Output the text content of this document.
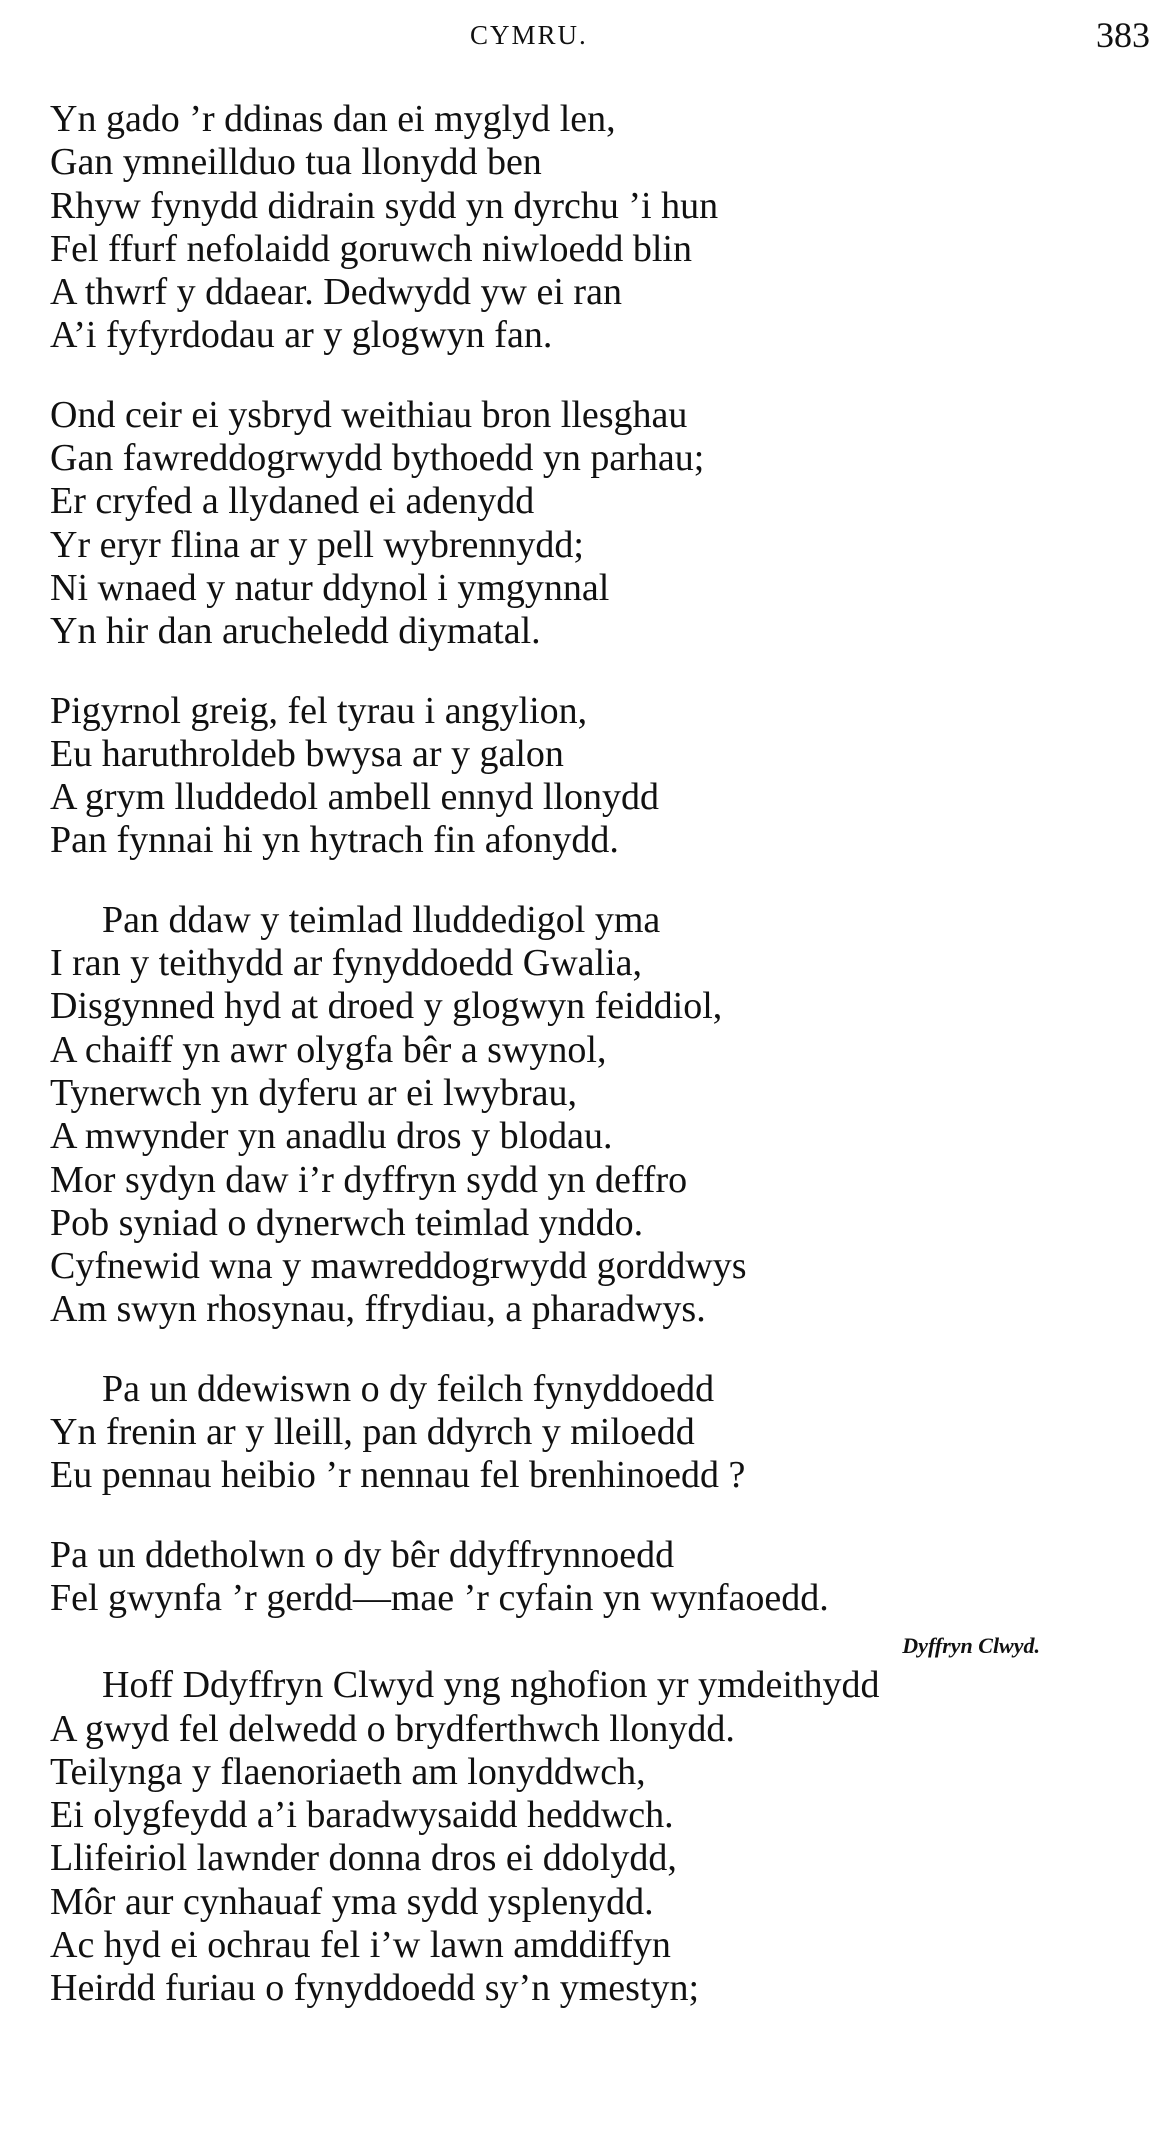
CYMRU.	383
Yn gado ’r ddinas dan ei myglyd len,
Gan ymneillduo tua llonydd ben
Rhyw fynydd didrain sydd yn dyrchu ’i hun
Fel ffurf nefolaidd goruwch niwloedd blin
A thwrf y ddaear. Dedwydd yw ei ran
A’i fyfyrdodau ar y glogwyn fan.
Ond ceir ei ysbryd weithiau bron llesghau
Gan fawreddogrwydd bythoedd yn parhau;
Er cryfed a llydaned ei adenydd
Yr eryr flina ar y pell wybrennydd;
Ni wnaed y natur ddynol i ymgynnal
Yn hir dan arucheledd diymatal.
Pigyrnol greig, fel tyrau i angylion,
Eu haruthroldeb bwysa ar y galon
A grym lluddedol ambell ennyd llonydd
Pan fynnai hi yn hytrach fin afonydd.
Pan ddaw y teimlad lluddedigol yma
I ran y teithydd ar fynyddoedd Gwalia,
Disgynned hyd at droed y glogwyn feiddiol,
A chaiff yn awr olygfa bêr a swynol,
Tynerwch yn dyferu ar ei lwybrau,
A mwynder yn anadlu dros y blodau.
Mor sydyn daw i’r dyffryn sydd yn deffro
Pob syniad o dynerwch teimlad ynddo.
Cyfnewid wna y mawreddogrwydd gorddwys
Am swyn rhosynau, ffrydiau, a pharadwys.
Pa un ddewiswn o dy feilch fynyddoedd
Yn frenin ar y lleill, pan ddyrch y miloedd
Eu pennau heibio ’r nennau fel brenhinoedd ?
Pa un ddetholwn o dy bêr ddyffrynnoedd
Fel gwynfa ’r gerdd—mae ’r cyfain yn wynfaoedd.
Dyffryn Clwyd.
Hoff Ddyffryn Clwyd yng nghofion yr ymdeithydd
A gwyd fel delwedd o brydferthwch llonydd.
Teilynga y flaenoriaeth am lonyddwch,
Ei olygfeydd a’i baradwysaidd heddwch.
Llifeiriol lawnder donna dros ei ddolydd,
Môr aur cynhauaf yma sydd ysplenydd.
Ac hyd ei ochrau fel i’w lawn amddiffyn
Heirdd furiau o fynyddoedd sy’n ymestyn;
